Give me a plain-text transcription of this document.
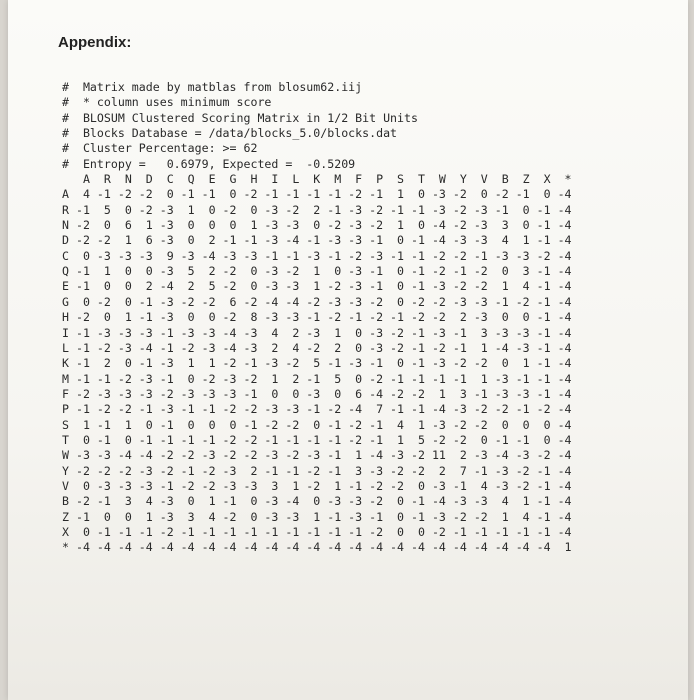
Appendix:
#  Matrix made by matblas from blosum62.iij
#  * column uses minimum score
#  BLOSUM Clustered Scoring Matrix in 1/2 Bit Units
#  Blocks Database = /data/blocks_5.0/blocks.dat
#  Cluster Percentage: >= 62
#  Entropy =   0.6979, Expected =  -0.5209
A  R  N  D  C  Q  E  G  H  I  L  K  M  F  P  S  T  W  Y  V  B  Z  X  *
A  4 -1 -2 -2  0 -1 -1  0 -2 -1 -1 -1 -1 -2 -1  1  0 -3 -2  0 -2 -1  0 -4
R -1  5  0 -2 -3  1  0 -2  0 -3 -2  2 -1 -3 -2 -1 -1 -3 -2 -3 -1  0 -1 -4
N -2  0  6  1 -3  0  0  0  1 -3 -3  0 -2 -3 -2  1  0 -4 -2 -3  3  0 -1 -4
D -2 -2  1  6 -3  0  2 -1 -1 -3 -4 -1 -3 -3 -1  0 -1 -4 -3 -3  4  1 -1 -4
C  0 -3 -3 -3  9 -3 -4 -3 -3 -1 -1 -3 -1 -2 -3 -1 -1 -2 -2 -1 -3 -3 -2 -4
Q -1  1  0  0 -3  5  2 -2  0 -3 -2  1  0 -3 -1  0 -1 -2 -1 -2  0  3 -1 -4
E -1  0  0  2 -4  2  5 -2  0 -3 -3  1 -2 -3 -1  0 -1 -3 -2 -2  1  4 -1 -4
G  0 -2  0 -1 -3 -2 -2  6 -2 -4 -4 -2 -3 -3 -2  0 -2 -2 -3 -3 -1 -2 -1 -4
H -2  0  1 -1 -3  0  0 -2  8 -3 -3 -1 -2 -1 -2 -1 -2 -2  2 -3  0  0 -1 -4
I -1 -3 -3 -3 -1 -3 -3 -4 -3  4  2 -3  1  0 -3 -2 -1 -3 -1  3 -3 -3 -1 -4
L -1 -2 -3 -4 -1 -2 -3 -4 -3  2  4 -2  2  0 -3 -2 -1 -2 -1  1 -4 -3 -1 -4
K -1  2  0 -1 -3  1  1 -2 -1 -3 -2  5 -1 -3 -1  0 -1 -3 -2 -2  0  1 -1 -4
M -1 -1 -2 -3 -1  0 -2 -3 -2  1  2 -1  5  0 -2 -1 -1 -1 -1  1 -3 -1 -1 -4
F -2 -3 -3 -3 -2 -3 -3 -3 -1  0  0 -3  0  6 -4 -2 -2  1  3 -1 -3 -3 -1 -4
P -1 -2 -2 -1 -3 -1 -1 -2 -2 -3 -3 -1 -2 -4  7 -1 -1 -4 -3 -2 -2 -1 -2 -4
S  1 -1  1  0 -1  0  0  0 -1 -2 -2  0 -1 -2 -1  4  1 -3 -2 -2  0  0  0 -4
T  0 -1  0 -1 -1 -1 -1 -2 -2 -1 -1 -1 -1 -2 -1  1  5 -2 -2  0 -1 -1  0 -4
W -3 -3 -4 -4 -2 -2 -3 -2 -2 -3 -2 -3 -1  1 -4 -3 -2 11  2 -3 -4 -3 -2 -4
Y -2 -2 -2 -3 -2 -1 -2 -3  2 -1 -1 -2 -1  3 -3 -2 -2  2  7 -1 -3 -2 -1 -4
V  0 -3 -3 -3 -1 -2 -2 -3 -3  3  1 -2  1 -1 -2 -2  0 -3 -1  4 -3 -2 -1 -4
B -2 -1  3  4 -3  0  1 -1  0 -3 -4  0 -3 -3 -2  0 -1 -4 -3 -3  4  1 -1 -4
Z -1  0  0  1 -3  3  4 -2  0 -3 -3  1 -1 -3 -1  0 -1 -3 -2 -2  1  4 -1 -4
X  0 -1 -1 -1 -2 -1 -1 -1 -1 -1 -1 -1 -1 -1 -2  0  0 -2 -1 -1 -1 -1 -1 -4
* -4 -4 -4 -4 -4 -4 -4 -4 -4 -4 -4 -4 -4 -4 -4 -4 -4 -4 -4 -4 -4 -4 -4  1
